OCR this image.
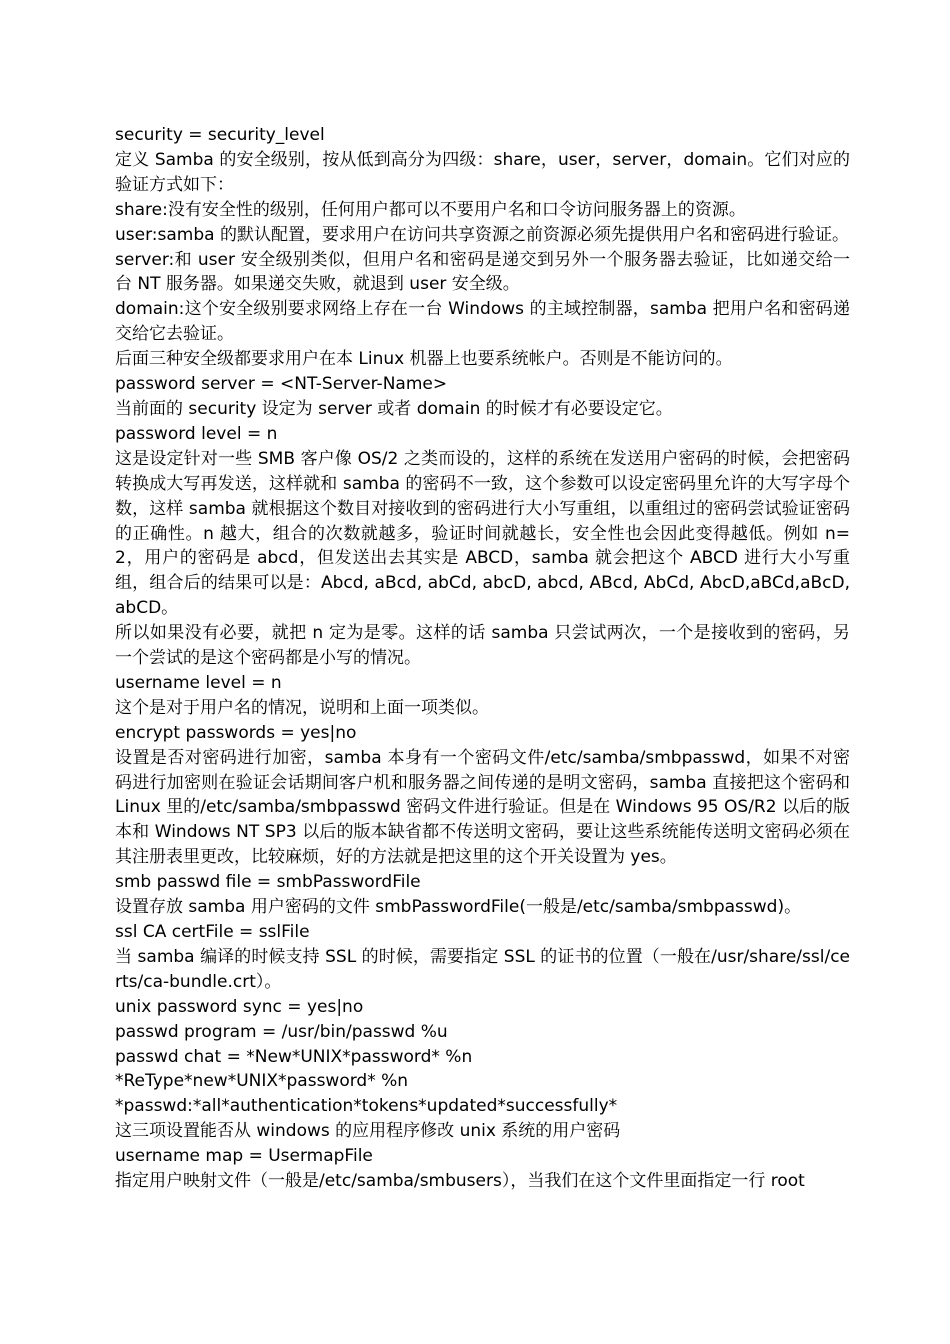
security = security_level

定义 Samba 的安全级别，按从低到高分为四级：share，user，server，domain。它们对应的验证方式如下：

share:没有安全性的级别，任何用户都可以不要用户名和口令访问服务器上的资源。

user:samba 的默认配置，要求用户在访问共享资源之前资源必须先提供用户名和密码进行验证。

server:和 user 安全级别类似，但用户名和密码是递交到另外一个服务器去验证，比如递交给一台 NT 服务器。如果递交失败，就退到 user 安全级。

domain:这个安全级别要求网络上存在一台 Windows 的主域控制器，samba 把用户名和密码递交给它去验证。

后面三种安全级都要求用户在本 Linux 机器上也要系统帐户。否则是不能访问的。

password server = <NT-Server-Name>

当前面的 security 设定为 server 或者 domain 的时候才有必要设定它。

password level = n

这是设定针对一些 SMB 客户像 OS/2 之类而设的，这样的系统在发送用户密码的时候，会把密码转换成大写再发送，这样就和 samba 的密码不一致，这个参数可以设定密码里允许的大写字母个数，这样 samba 就根据这个数目对接收到的密码进行大小写重组，以重组过的密码尝试验证密码的正确性。n 越大，组合的次数就越多，验证时间就越长，安全性也会因此变得越低。例如 n=2，用户的密码是 abcd，但发送出去其实是 ABCD，samba 就会把这个 ABCD 进行大小写重组，组合后的结果可以是：Abcd, aBcd, abCd, abcD, abcd, ABcd, AbCd, AbcD,aBCd,aBcD,abCD。

所以如果没有必要，就把 n 定为是零。这样的话 samba 只尝试两次，一个是接收到的密码，另一个尝试的是这个密码都是小写的情况。

username level = n

这个是对于用户名的情况，说明和上面一项类似。

encrypt passwords = yes|no

设置是否对密码进行加密，samba 本身有一个密码文件/etc/samba/smbpasswd，如果不对密码进行加密则在验证会话期间客户机和服务器之间传递的是明文密码，samba 直接把这个密码和 Linux 里的/etc/samba/smbpasswd 密码文件进行验证。但是在 Windows 95 OS/R2 以后的版本和 Windows NT SP3 以后的版本缺省都不传送明文密码，要让这些系统能传送明文密码必须在其注册表里更改，比较麻烦，好的方法就是把这里的这个开关设置为 yes。

smb passwd file = smbPasswordFile

设置存放 samba 用户密码的文件 smbPasswordFile(一般是/etc/samba/smbpasswd)。

ssl CA certFile = sslFile

当 samba 编译的时候支持 SSL 的时候，需要指定 SSL 的证书的位置（一般在/usr/share/ssl/certs/ca-bundle.crt）。

unix password sync = yes|no

passwd program = /usr/bin/passwd %u

passwd chat = *New*UNIX*password* %n

*ReType*new*UNIX*password* %n

*passwd:*all*authentication*tokens*updated*successfully*

这三项设置能否从 windows 的应用程序修改 unix 系统的用户密码

username map = UsermapFile

指定用户映射文件（一般是/etc/samba/smbusers），当我们在这个文件里面指定一行 root
